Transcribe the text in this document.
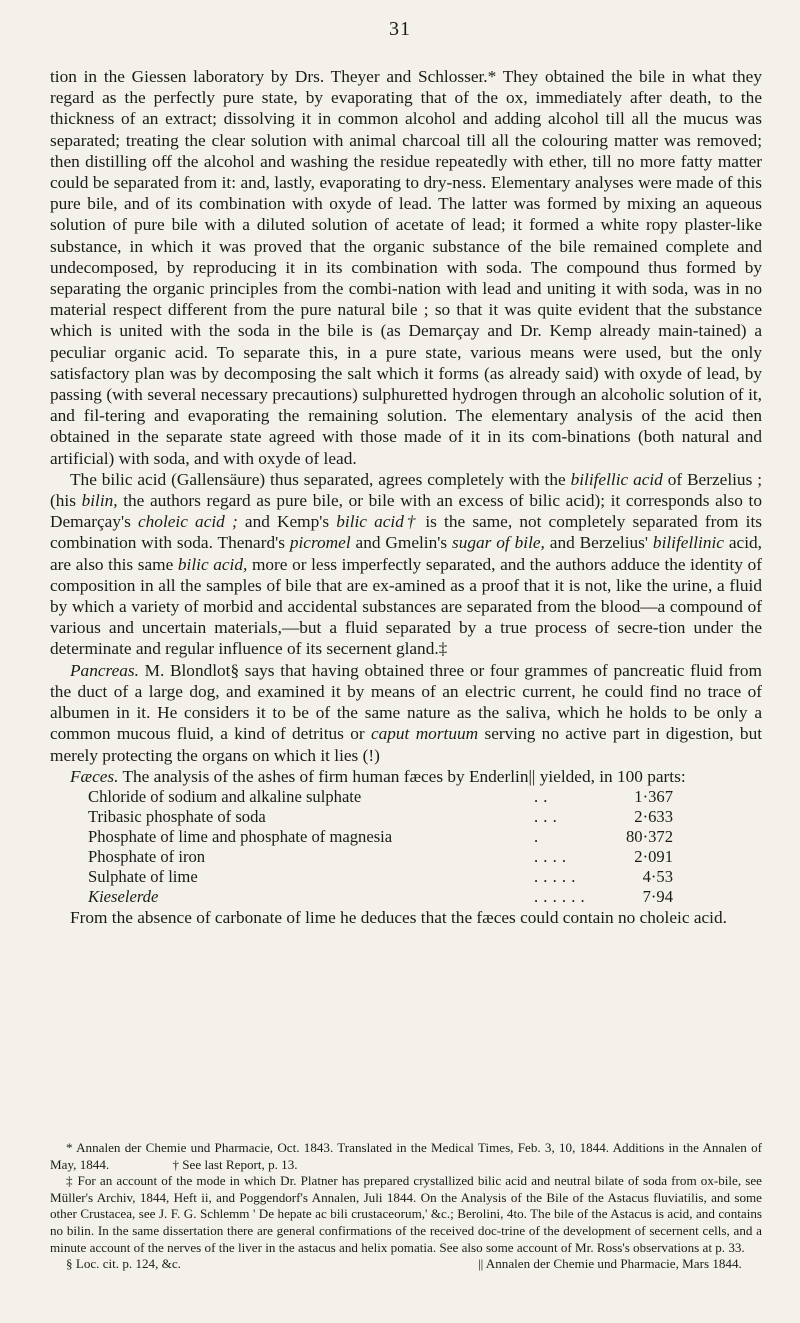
31

tion in the Giessen laboratory by Drs. Theyer and Schlosser.* They obtained the bile in what they regard as the perfectly pure state, by evaporating that of the ox, immediately after death, to the thickness of an extract; dissolving it in common alcohol and adding alcohol till all the mucus was separated; treating the clear solution with animal charcoal till all the colouring matter was removed; then distilling off the alcohol and washing the residue repeatedly with ether, till no more fatty matter could be separated from it: and, lastly, evaporating to dry-ness. Elementary analyses were made of this pure bile, and of its combination with oxyde of lead. The latter was formed by mixing an aqueous solution of pure bile with a diluted solution of acetate of lead; it formed a white ropy plaster-like substance, in which it was proved that the organic substance of the bile remained complete and undecomposed, by reproducing it in its combination with soda. The compound thus formed by separating the organic principles from the combi-nation with lead and uniting it with soda, was in no material respect different from the pure natural bile ; so that it was quite evident that the substance which is united with the soda in the bile is (as Demarçay and Dr. Kemp already main-tained) a peculiar organic acid. To separate this, in a pure state, various means were used, but the only satisfactory plan was by decomposing the salt which it forms (as already said) with oxyde of lead, by passing (with several necessary precautions) sulphuretted hydrogen through an alcoholic solution of it, and fil-tering and evaporating the remaining solution. The elementary analysis of the acid then obtained in the separate state agreed with those made of it in its com-binations (both natural and artificial) with soda, and with oxyde of lead.

The bilic acid (Gallensäure) thus separated, agrees completely with the bilifellic acid of Berzelius ; (his bilin, the authors regard as pure bile, or bile with an excess of bilic acid); it corresponds also to Demarçay's choleic acid ; and Kemp's bilic acid† is the same, not completely separated from its combination with soda. Thenard's picromel and Gmelin's sugar of bile, and Berzelius' bilifellinic acid, are also this same bilic acid, more or less imperfectly separated, and the authors adduce the identity of composition in all the samples of bile that are ex-amined as a proof that it is not, like the urine, a fluid by which a variety of morbid and accidental substances are separated from the blood—a compound of various and uncertain materials,—but a fluid separated by a true process of secre-tion under the determinate and regular influence of its secernent gland.‡

Pancreas. M. Blondlot§ says that having obtained three or four grammes of pancreatic fluid from the duct of a large dog, and examined it by means of an electric current, he could find no trace of albumen in it. He considers it to be of the same nature as the saliva, which he holds to be only a common mucous fluid, a kind of detritus or caput mortuum serving no active part in digestion, but merely protecting the organs on which it lies (!)

Fæces. The analysis of the ashes of firm human fæces by Enderlin|| yielded, in 100 parts:

Chloride of sodium and alkaline sulphate	. .	1·367
Tribasic phosphate of soda	. . .	2·633
Phosphate of lime and phosphate of magnesia	.	80·372
Phosphate of iron	. . . .	2·091
Sulphate of lime	. . . . .	4·53
Kieselerde	. . . . . .	7·94

From the absence of carbonate of lime he deduces that the fæces could contain no choleic acid.

* Annalen der Chemie und Pharmacie, Oct. 1843. Translated in the Medical Times, Feb. 3, 10, 1844. Additions in the Annalen of May, 1844.	† See last Report, p. 13.

‡ For an account of the mode in which Dr. Platner has prepared crystallized bilic acid and neutral bilate of soda from ox-bile, see Müller's Archiv, 1844, Heft ii, and Poggendorf's Annalen, Juli 1844. On the Analysis of the Bile of the Astacus fluviatilis, and some other Crustacea, see J. F. G. Schlemm ' De hepate ac bili crustaceorum,' &c.; Berolini, 4to. The bile of the Astacus is acid, and contains no bilin. In the same dissertation there are general confirmations of the received doc-trine of the development of secernent cells, and a minute account of the nerves of the liver in the astacus and helix pomatia. See also some account of Mr. Ross's observations at p. 33.

§ Loc. cit. p. 124, &c.	|| Annalen der Chemie und Pharmacie, Mars 1844.
